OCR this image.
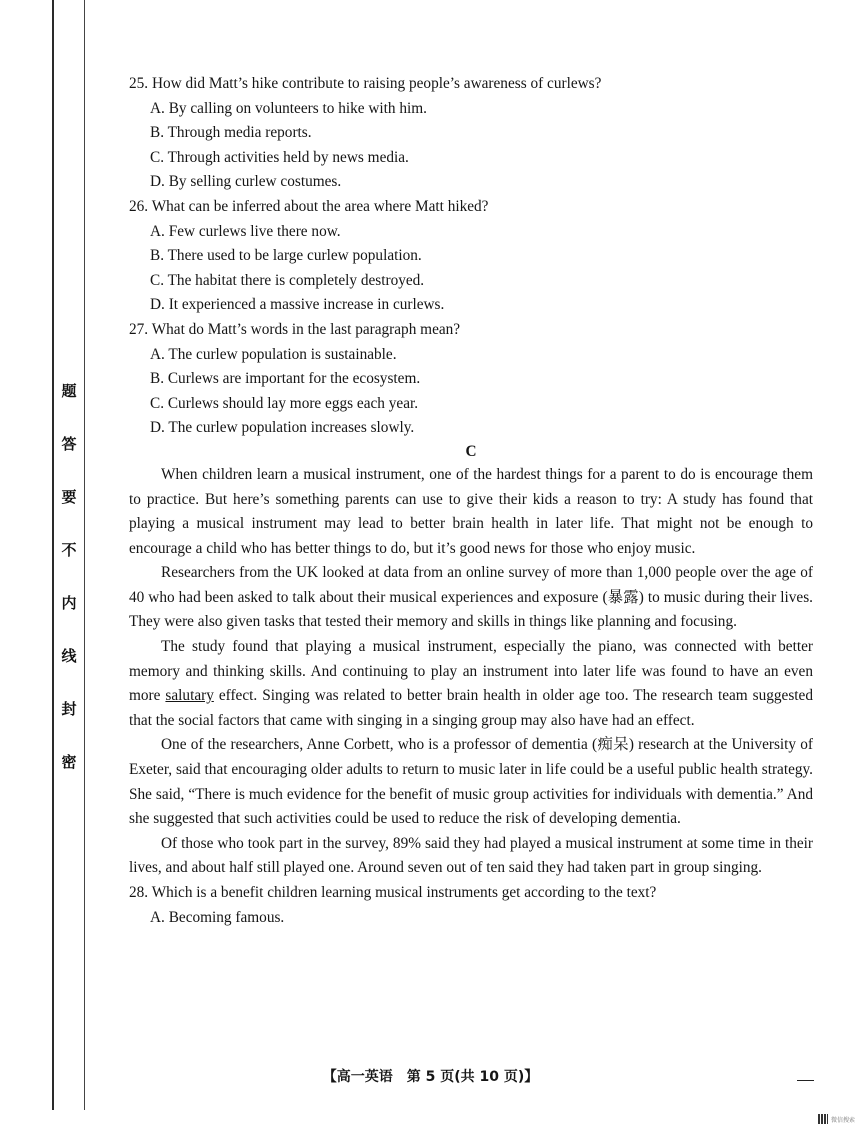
题
答
要
不
内
线
封
密
25. How did Matt’s hike contribute to raising people’s awareness of curlews?
A. By calling on volunteers to hike with him.
B. Through media reports.
C. Through activities held by news media.
D. By selling curlew costumes.
26. What can be inferred about the area where Matt hiked?
A. Few curlews live there now.
B. There used to be large curlew population.
C. The habitat there is completely destroyed.
D. It experienced a massive increase in curlews.
27. What do Matt’s words in the last paragraph mean?
A. The curlew population is sustainable.
B. Curlews are important for the ecosystem.
C. Curlews should lay more eggs each year.
D. The curlew population increases slowly.
C

When children learn a musical instrument, one of the hardest things for a parent to do is encourage them to practice. But here’s something parents can use to give their kids a reason to try: A study has found that playing a musical instrument may lead to better brain health in later life. That might not be enough to encourage a child who has better things to do, but it’s good news for those who enjoy music.

Researchers from the UK looked at data from an online survey of more than 1,000 people over the age of 40 who had been asked to talk about their musical experiences and exposure (暴露) to music during their lives. They were also given tasks that tested their memory and skills in things like planning and focusing.

The study found that playing a musical instrument, especially the piano, was connected with better memory and thinking skills. And continuing to play an instrument into later life was found to have an even more salutary effect. Singing was related to better brain health in older age too. The research team suggested that the social factors that came with singing in a singing group may also have had an effect.

One of the researchers, Anne Corbett, who is a professor of dementia (痴呆) research at the University of Exeter, said that encouraging older adults to return to music later in life could be a useful public health strategy. She said, “There is much evidence for the benefit of music group activities for individuals with dementia.” And she suggested that such activities could be used to reduce the risk of developing dementia.

Of those who took part in the survey, 89% said they had played a musical instrument at some time in their lives, and about half still played one. Around seven out of ten said they had taken part in group singing.

28. Which is a benefit children learning musical instruments get according to the text?
A. Becoming famous.
【高一英语　第 5 页(共 10 页)】
微信搜索
